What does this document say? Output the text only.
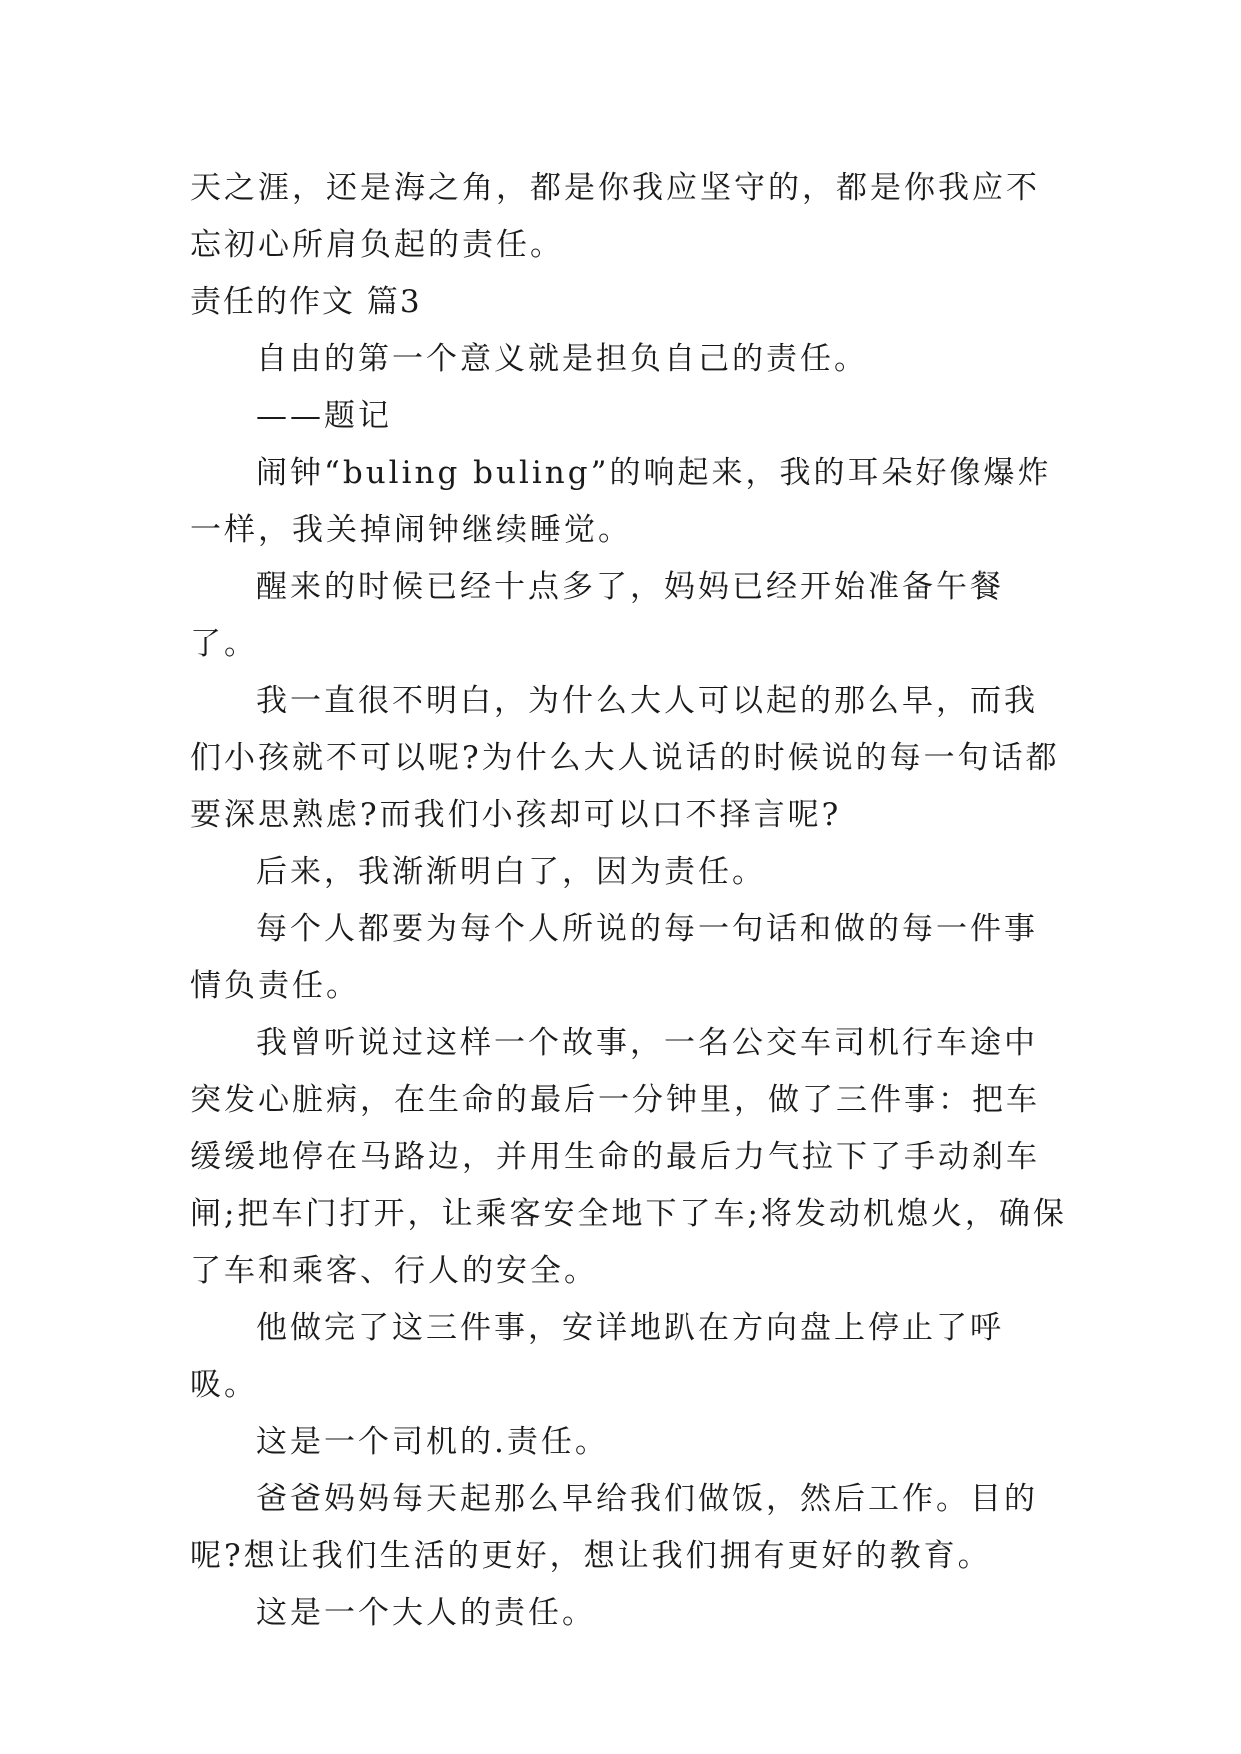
天之涯，还是海之角，都是你我应坚守的，都是你我应不忘初心所肩负起的责任。

责任的作文 篇3

自由的第一个意义就是担负自己的责任。

——题记

闹钟“buling buling”的响起来，我的耳朵好像爆炸一样，我关掉闹钟继续睡觉。

醒来的时候已经十点多了，妈妈已经开始准备午餐了。

我一直很不明白，为什么大人可以起的那么早，而我们小孩就不可以呢?为什么大人说话的时候说的每一句话都要深思熟虑?而我们小孩却可以口不择言呢?

后来，我渐渐明白了，因为责任。

每个人都要为每个人所说的每一句话和做的每一件事情负责任。

我曾听说过这样一个故事，一名公交车司机行车途中突发心脏病，在生命的最后一分钟里，做了三件事：把车缓缓地停在马路边，并用生命的最后力气拉下了手动刹车闸;把车门打开，让乘客安全地下了车;将发动机熄火，确保了车和乘客、行人的安全。

他做完了这三件事，安详地趴在方向盘上停止了呼吸。

这是一个司机的.责任。

爸爸妈妈每天起那么早给我们做饭，然后工作。目的呢?想让我们生活的更好，想让我们拥有更好的教育。

这是一个大人的责任。
